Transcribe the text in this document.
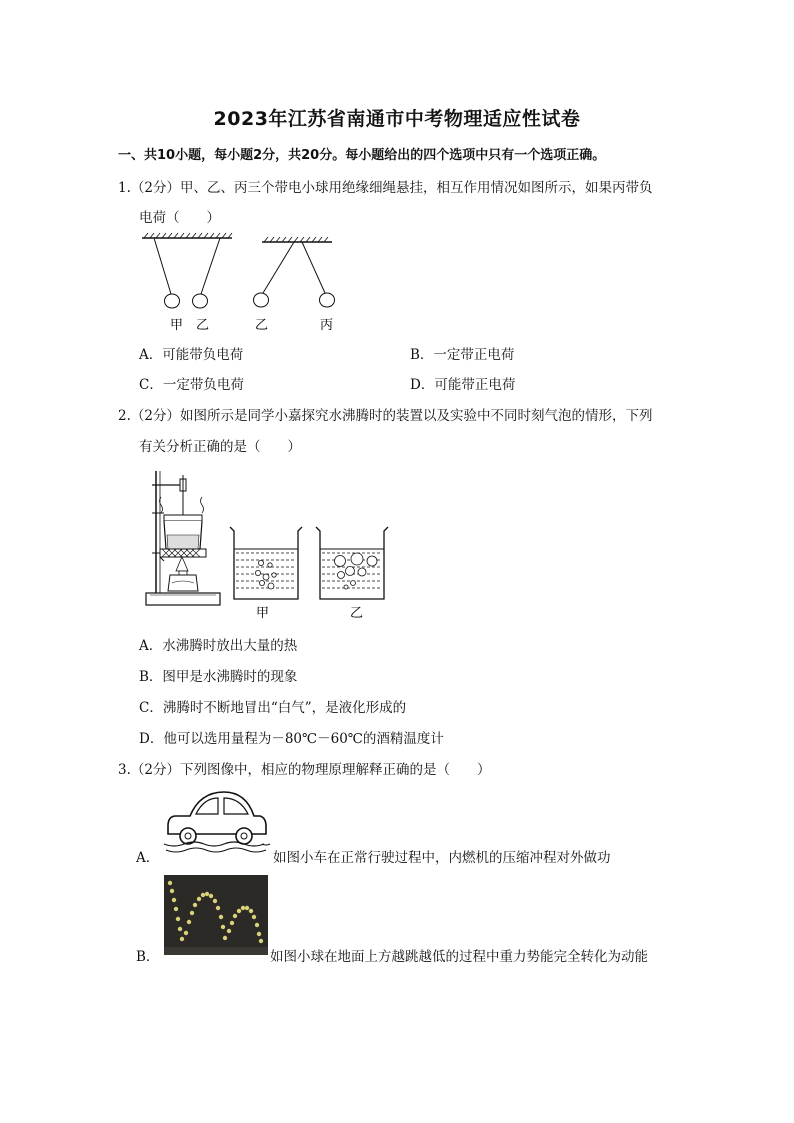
2023年江苏省南通市中考物理适应性试卷
一、共10小题，每小题2分，共20分。每小题给出的四个选项中只有一个选项正确。
1.（2分）甲、乙、丙三个带电小球用绝缘细绳悬挂，相互作用情况如图所示，如果丙带负
电荷（　　）
甲 乙	乙	丙
A．可能带负电荷	B．一定带正电荷
C．一定带负电荷	D．可能带正电荷
2.（2分）如图所示是同学小嘉探究水沸腾时的装置以及实验中不同时刻气泡的情形，下列
有关分析正确的是（　　）
甲	乙
A．水沸腾时放出大量的热
B．图甲是水沸腾时的现象
C．沸腾时不断地冒出“白气”，是液化形成的
D．他可以选用量程为－80℃－60℃的酒精温度计
3.（2分）下列图像中，相应的物理原理解释正确的是（　　）
A．	如图小车在正常行驶过程中，内燃机的压缩冲程对外做功
B．	如图小球在地面上方越跳越低的过程中重力势能完全转化为动能
